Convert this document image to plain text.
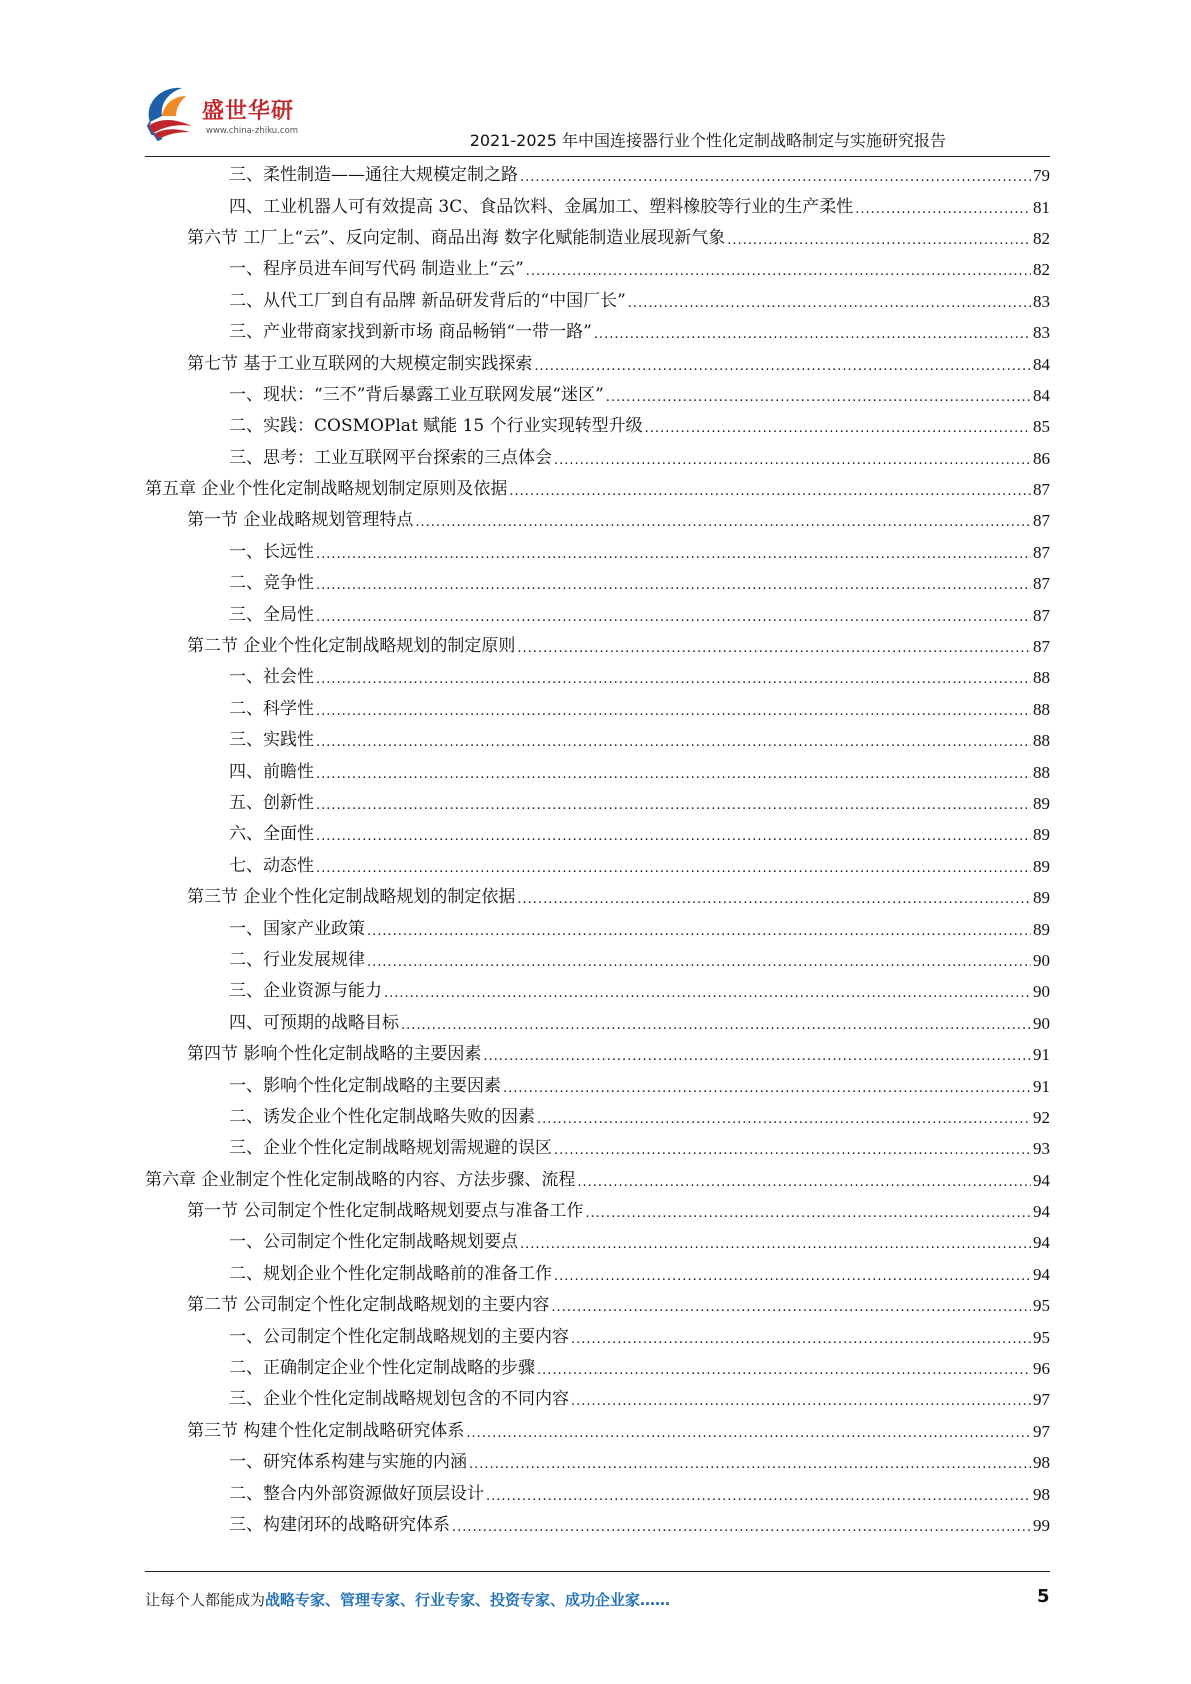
盛世华研
www.china-zhiku.com	2021-2025 年中国连接器行业个性化定制战略制定与实施研究报告
三、柔性制造——通往大规模定制之路 .....	79
四、工业机器人可有效提高 3C、食品饮料、金属加工、塑料橡胶等行业的生产柔性 .....	81
第六节 工厂上“云”、反向定制、商品出海 数字化赋能制造业展现新气象 .....	82
一、程序员进车间写代码 制造业上“云” .....	82
二、从代工厂到自有品牌 新品研发背后的“中国厂长” .....	83
三、产业带商家找到新市场 商品畅销“一带一路” .....	83
第七节 基于工业互联网的大规模定制实践探索 .....	84
一、现状：“三不”背后暴露工业互联网发展“迷区” .....	84
二、实践：COSMOPlat 赋能 15 个行业实现转型升级 .....	85
三、思考：工业互联网平台探索的三点体会 .....	86
第五章 企业个性化定制战略规划制定原则及依据 .....	87
第一节 企业战略规划管理特点 .....	87
一、长远性 .....	87
二、竞争性 .....	87
三、全局性 .....	87
第二节 企业个性化定制战略规划的制定原则 .....	87
一、社会性 .....	88
二、科学性 .....	88
三、实践性 .....	88
四、前瞻性 .....	88
五、创新性 .....	89
六、全面性 .....	89
七、动态性 .....	89
第三节 企业个性化定制战略规划的制定依据 .....	89
一、国家产业政策 .....	89
二、行业发展规律 .....	90
三、企业资源与能力 .....	90
四、可预期的战略目标 .....	90
第四节 影响个性化定制战略的主要因素 .....	91
一、影响个性化定制战略的主要因素 .....	91
二、诱发企业个性化定制战略失败的因素 .....	92
三、企业个性化定制战略规划需规避的误区 .....	93
第六章 企业制定个性化定制战略的内容、方法步骤、流程 .....	94
第一节 公司制定个性化定制战略规划要点与准备工作 .....	94
一、公司制定个性化定制战略规划要点 .....	94
二、规划企业个性化定制战略前的准备工作 .....	94
第二节 公司制定个性化定制战略规划的主要内容 .....	95
一、公司制定个性化定制战略规划的主要内容 .....	95
二、正确制定企业个性化定制战略的步骤 .....	96
三、企业个性化定制战略规划包含的不同内容 .....	97
第三节 构建个性化定制战略研究体系 .....	97
一、研究体系构建与实施的内涵 .....	98
二、整合内外部资源做好顶层设计 .....	98
三、构建闭环的战略研究体系 .....	99
让每个人都能成为战略专家、管理专家、行业专家、投资专家、成功企业家……	5
